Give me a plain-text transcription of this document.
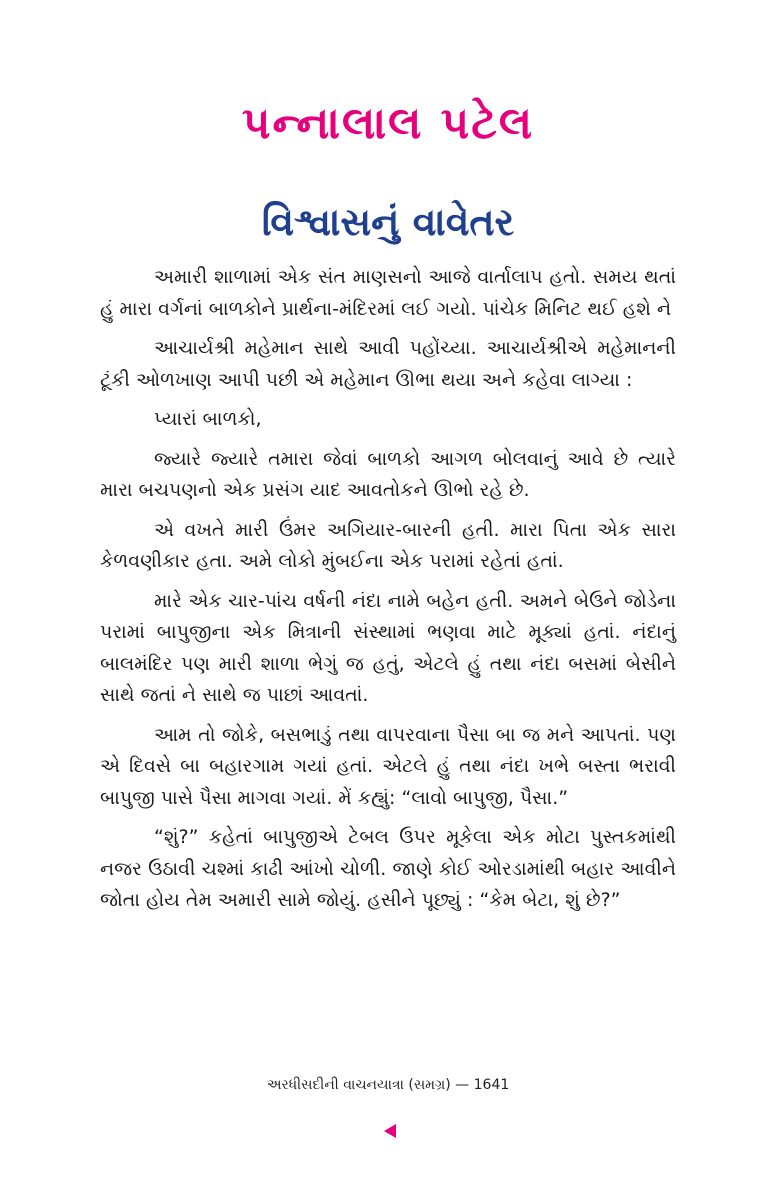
પન્નાલાલ પટેલ
વિશ્વાસનું વાવેતર

અમારી શાળામાં એક સંત માણસનો આજે વાર્તાલાપ હતો. સમય થતાં હું મારા વર્ગનાં બાળકોને પ્રાર્થના-મંદિરમાં લઈ ગયો. પાંચેક મિનિટ થઈ હશે ને

આચાર્યશ્રી મહેમાન સાથે આવી પહોંચ્યા. આચાર્યશ્રીએ મહેમાનની ટૂંકી ઓળખાણ આપી પછી એ મહેમાન ઊભા થયા અને કહેવા લાગ્યા :

પ્યારાં બાળકો,

જ્યારે જ્યારે તમારા જેવાં બાળકો આગળ બોલવાનું આવે છે ત્યારે મારા બચપણનો એક પ્રસંગ યાદ આવતોકને ઊભો રહે છે.

એ વખતે મારી ઉંમર અગિયાર-બારની હતી. મારા પિતા એક સારા કેળવણીકાર હતા. અમે લોકો મુંબઈના એક પરામાં રહેતાં હતાં.

મારે એક ચાર-પાંચ વર્ષની નંદા નામે બહેન હતી. અમને બેઉને જોડેના પરામાં બાપુજીના એક મિત્રાની સંસ્થામાં ભણવા માટે મૂક્યાં હતાં. નંદાનું બાલમંદિર પણ મારી શાળા ભેગું જ હતું, એટલે હું તથા નંદા બસમાં બેસીને સાથે જતાં ને સાથે જ પાછાં આવતાં.

આમ તો જોકે, બસભાડું તથા વાપરવાના પૈસા બા જ મને આપતાં. પણ એ દિવસે બા બહારગામ ગયાં હતાં. એટલે હું તથા નંદા ખભે બસ્તા ભરાવી બાપુજી પાસે પૈસા માગવા ગયાં. મેં કહ્યું: “લાવો બાપુજી, પૈસા.”

“શું?” કહેતાં બાપુજીએ ટેબલ ઉપર મૂકેલા એક મોટા પુસ્તકમાંથી નજર ઉઠાવી ચશ્માં કાઢી આંખો ચોળી. જાણે કોઈ ઓરડામાંથી બહાર આવીને જોતા હોય તેમ અમારી સામે જોયું. હસીને પૂછ્યું : “કેમ બેટા, શું છે?”

અરધીસદીની વાચનયાત્રા (સમગ્ર) — 1641
